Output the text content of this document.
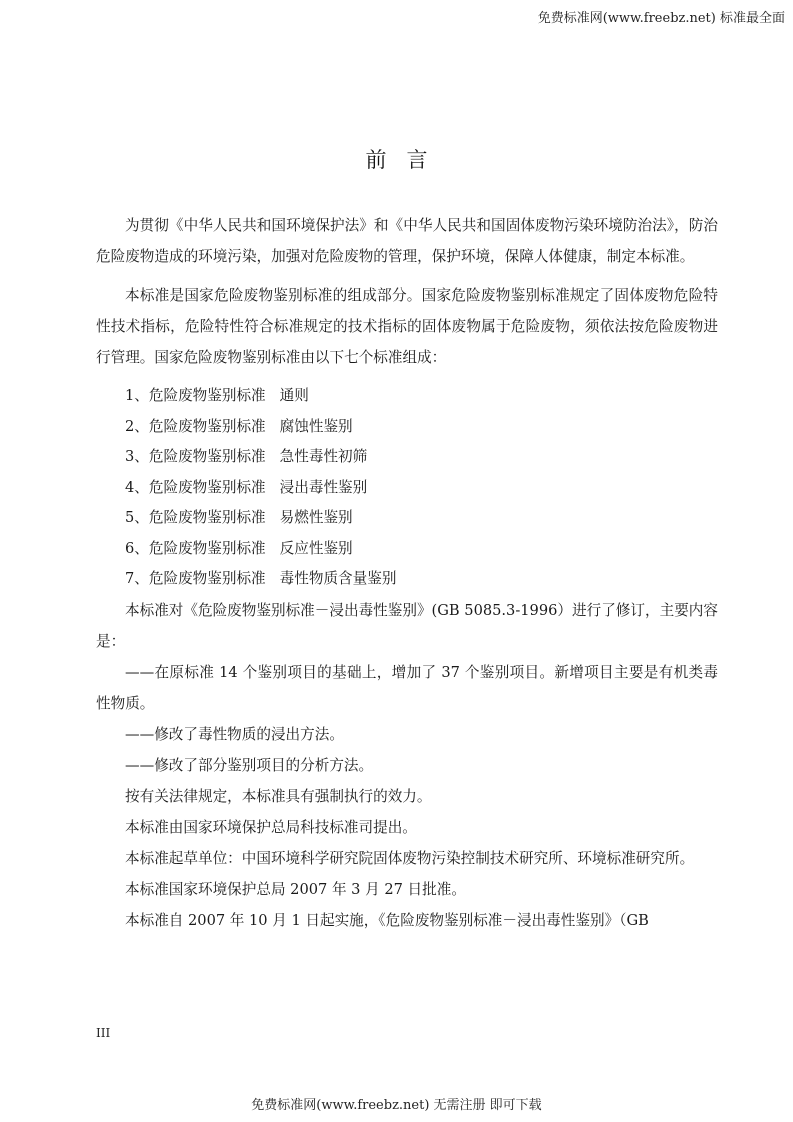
免费标准网(www.freebz.net) 标准最全面
前言

为贯彻《中华人民共和国环境保护法》和《中华人民共和国固体废物污染环境防治法》，防治危险废物造成的环境污染，加强对危险废物的管理，保护环境，保障人体健康，制定本标准。

本标准是国家危险废物鉴别标准的组成部分。国家危险废物鉴别标准规定了固体废物危险特性技术指标，危险特性符合标准规定的技术指标的固体废物属于危险废物，须依法按危险废物进行管理。国家危险废物鉴别标准由以下七个标准组成：

1、危险废物鉴别标准 通则

2、危险废物鉴别标准 腐蚀性鉴别

3、危险废物鉴别标准 急性毒性初筛

4、危险废物鉴别标准 浸出毒性鉴别

5、危险废物鉴别标准 易燃性鉴别

6、危险废物鉴别标准 反应性鉴别

7、危险废物鉴别标准 毒性物质含量鉴别

本标准对《危险废物鉴别标准－浸出毒性鉴别》(GB 5085.3-1996）进行了修订，主要内容是：

——在原标准 14 个鉴别项目的基础上，增加了 37 个鉴别项目。新增项目主要是有机类毒性物质。

——修改了毒性物质的浸出方法。

——修改了部分鉴别项目的分析方法。

按有关法律规定，本标准具有强制执行的效力。

本标准由国家环境保护总局科技标准司提出。

本标准起草单位：中国环境科学研究院固体废物污染控制技术研究所、环境标准研究所。

本标准国家环境保护总局 2007 年 3 月 27 日批准。

本标准自 2007 年 10 月 1 日起实施，《危险废物鉴别标准－浸出毒性鉴别》（GB

III
免费标准网(www.freebz.net) 无需注册 即可下载
